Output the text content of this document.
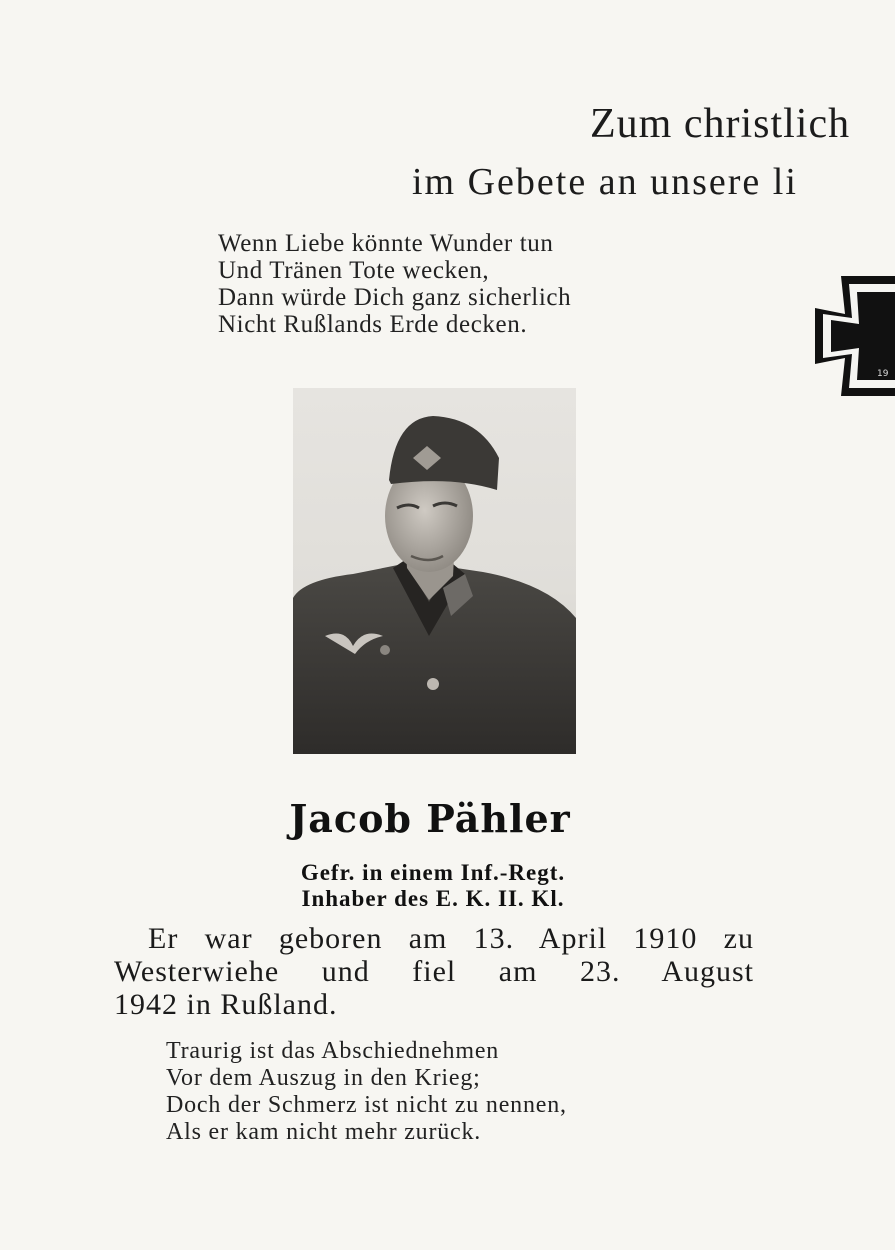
Zum christlich
im Gebete an unsere li
Wenn Liebe könnte Wunder tun
Und Tränen Tote wecken,
Dann würde Dich ganz sicherlich
Nicht Rußlands Erde decken.
19
Jacob Pähler
Gefr. in einem Inf.-Regt.
Inhaber des E. K. II. Kl.
Er war geboren am 13. April 1910 zu
Westerwiehe und fiel am 23. August
1942 in Rußland.
Traurig ist das Abschiednehmen
Vor dem Auszug in den Krieg;
Doch der Schmerz ist nicht zu nennen,
Als er kam nicht mehr zurück.
